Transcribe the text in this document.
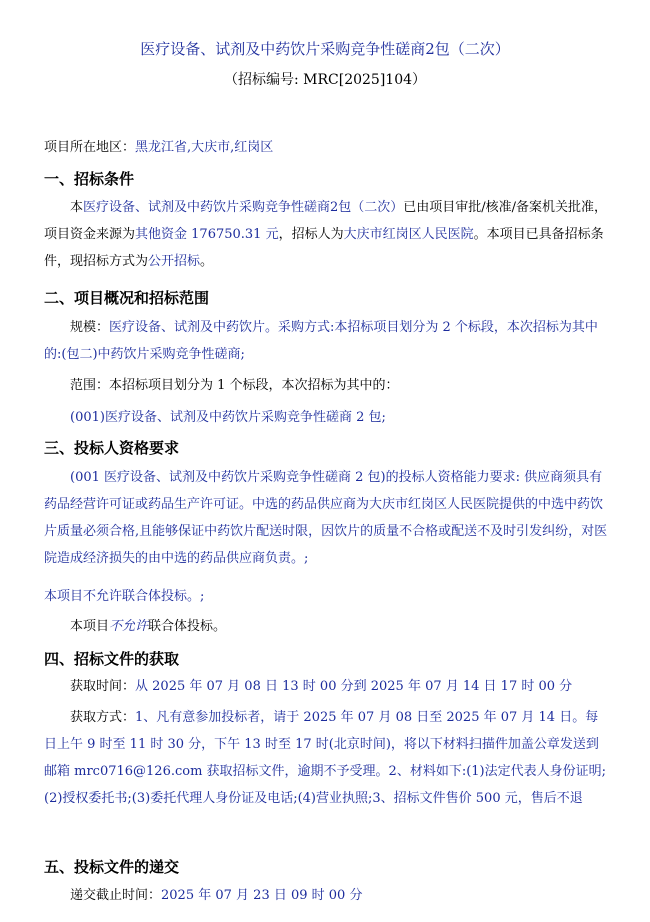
医疗设备、试剂及中药饮片采购竞争性磋商2包（二次）
（招标编号: MRC[2025]104）
项目所在地区：黑龙江省,大庆市,红岗区
一、招标条件
本医疗设备、试剂及中药饮片采购竞争性磋商2包（二次）已由项目审批/核准/备案机关批准，项目资金来源为其他资金 176750.31 元，招标人为大庆市红岗区人民医院。本项目已具备招标条件，现招标方式为公开招标。
二、项目概况和招标范围
规模：医疗设备、试剂及中药饮片。采购方式:本招标项目划分为 2 个标段，本次招标为其中的:(包二)中药饮片采购竞争性磋商;
范围：本招标项目划分为 1 个标段，本次招标为其中的：
(001)医疗设备、试剂及中药饮片采购竞争性磋商 2 包;
三、投标人资格要求
(001 医疗设备、试剂及中药饮片采购竞争性磋商 2 包)的投标人资格能力要求: 供应商须具有药品经营许可证或药品生产许可证。中选的药品供应商为大庆市红岗区人民医院提供的中选中药饮片质量必须合格,且能够保证中药饮片配送时限，因饮片的质量不合格或配送不及时引发纠纷，对医院造成经济损失的由中选的药品供应商负责。;
本项目不允许联合体投标。;
本项目不允许联合体投标。
四、招标文件的获取
获取时间：从 2025 年 07 月 08 日 13 时 00 分到 2025 年 07 月 14 日 17 时 00 分
获取方式：1、凡有意参加投标者，请于 2025 年 07 月 08 日至 2025 年 07 月 14 日。每日上午 9 时至 11 时 30 分，下午 13 时至 17 时(北京时间)，将以下材料扫描件加盖公章发送到邮箱 mrc0716@126.com 获取招标文件，逾期不予受理。2、材料如下:(1)法定代表人身份证明;(2)授权委托书;(3)委托代理人身份证及电话;(4)营业执照;3、招标文件售价 500 元，售后不退
五、投标文件的递交
递交截止时间：2025 年 07 月 23 日 09 时 00 分
